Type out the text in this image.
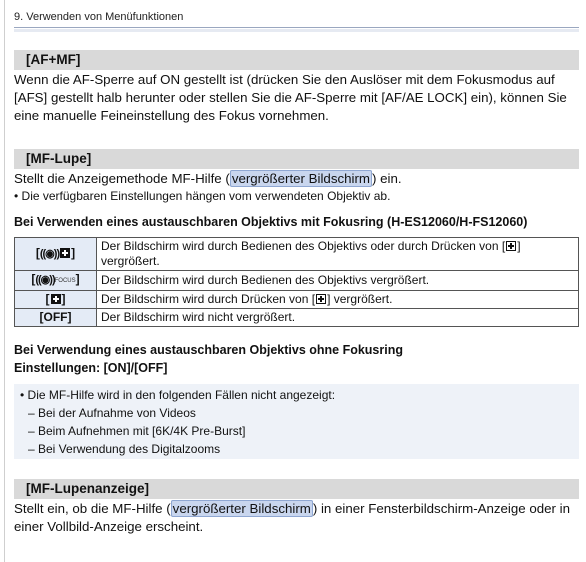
9. Verwenden von Menüfunktionen
[AF+MF]
Wenn die AF-Sperre auf ON gestellt ist (drücken Sie den Auslöser mit dem Fokusmodus auf [AFS] gestellt halb herunter oder stellen Sie die AF-Sperre mit [AF/AE LOCK] ein), können Sie eine manuelle Feineinstellung des Fokus vornehmen.
[MF-Lupe]
Stellt die Anzeigemethode MF-Hilfe ( vergrößerter Bildschirm ) ein.
• Die verfügbaren Einstellungen hängen vom verwendeten Objektiv ab.
Bei Verwenden eines austauschbaren Objektivs mit Fokusring (H-ES12060/H-FS12060)
[((◉)) ]	Der Bildschirm wird durch Bedienen des Objektivs oder durch Drücken von [ ] vergrößert.
[((◉))FOCUS]	Der Bildschirm wird durch Bedienen des Objektivs vergrößert.
[ ]	Der Bildschirm wird durch Drücken von [ ] vergrößert.
[OFF]	Der Bildschirm wird nicht vergrößert.
Bei Verwendung eines austauschbaren Objektivs ohne Fokusring
Einstellungen: [ON]/[OFF]
• Die MF-Hilfe wird in den folgenden Fällen nicht angezeigt:
– Bei der Aufnahme von Videos
– Beim Aufnehmen mit [6K/4K Pre-Burst]
– Bei Verwendung des Digitalzooms
[MF-Lupenanzeige]
Stellt ein, ob die MF-Hilfe ( vergrößerter Bildschirm ) in einer Fensterbildschirm-Anzeige oder in einer Vollbild-Anzeige erscheint.
